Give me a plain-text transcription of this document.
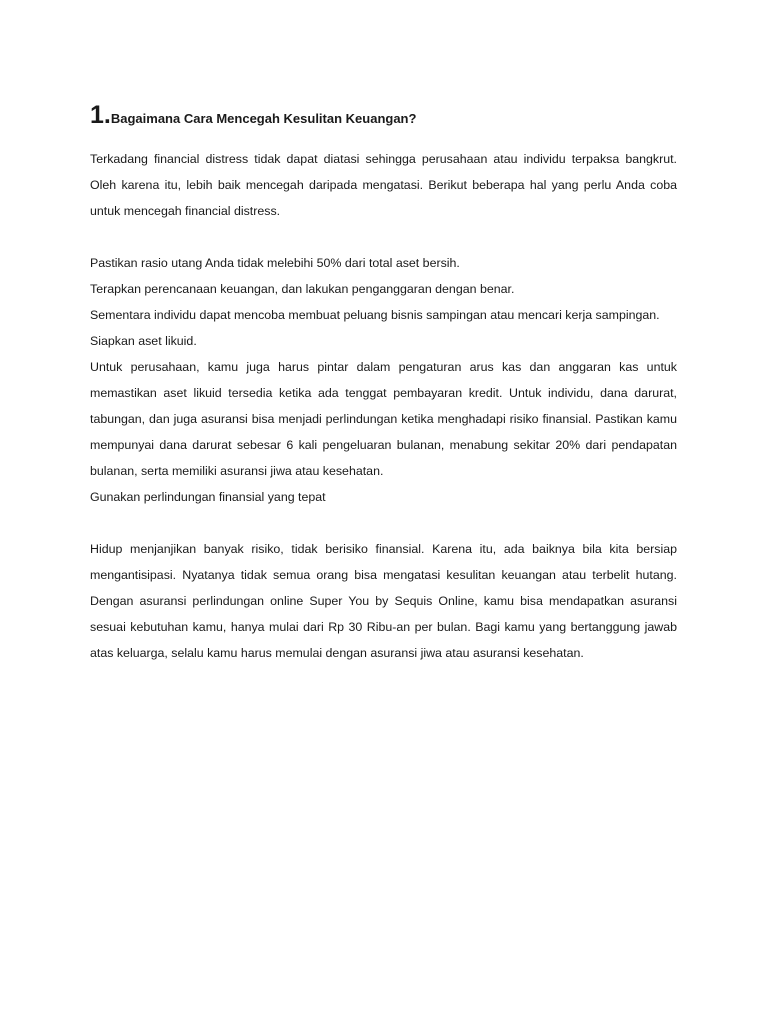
1.Bagaimana Cara Mencegah Kesulitan Keuangan?

Terkadang financial distress tidak dapat diatasi sehingga perusahaan atau individu terpaksa bangkrut. Oleh karena itu, lebih baik mencegah daripada mengatasi. Berikut beberapa hal yang perlu Anda coba untuk mencegah financial distress.

Pastikan rasio utang Anda tidak melebihi 50% dari total aset bersih.

Terapkan perencanaan keuangan, dan lakukan penganggaran dengan benar.

Sementara individu dapat mencoba membuat peluang bisnis sampingan atau mencari kerja sampingan.

Siapkan aset likuid.

Untuk perusahaan, kamu juga harus pintar dalam pengaturan arus kas dan anggaran kas untuk memastikan aset likuid tersedia ketika ada tenggat pembayaran kredit. Untuk individu, dana darurat, tabungan, dan juga asuransi bisa menjadi perlindungan ketika menghadapi risiko finansial. Pastikan kamu mempunyai dana darurat sebesar 6 kali pengeluaran bulanan, menabung sekitar 20% dari pendapatan bulanan, serta memiliki asuransi jiwa atau kesehatan.

Gunakan perlindungan finansial yang tepat

Hidup menjanjikan banyak risiko, tidak berisiko finansial. Karena itu, ada baiknya bila kita bersiap mengantisipasi. Nyatanya tidak semua orang bisa mengatasi kesulitan keuangan atau terbelit hutang. Dengan asuransi perlindungan online Super You by Sequis Online, kamu bisa mendapatkan asuransi sesuai kebutuhan kamu, hanya mulai dari Rp 30 Ribu-an per bulan. Bagi kamu yang bertanggung jawab atas keluarga, selalu kamu harus memulai dengan asuransi jiwa atau asuransi kesehatan.
